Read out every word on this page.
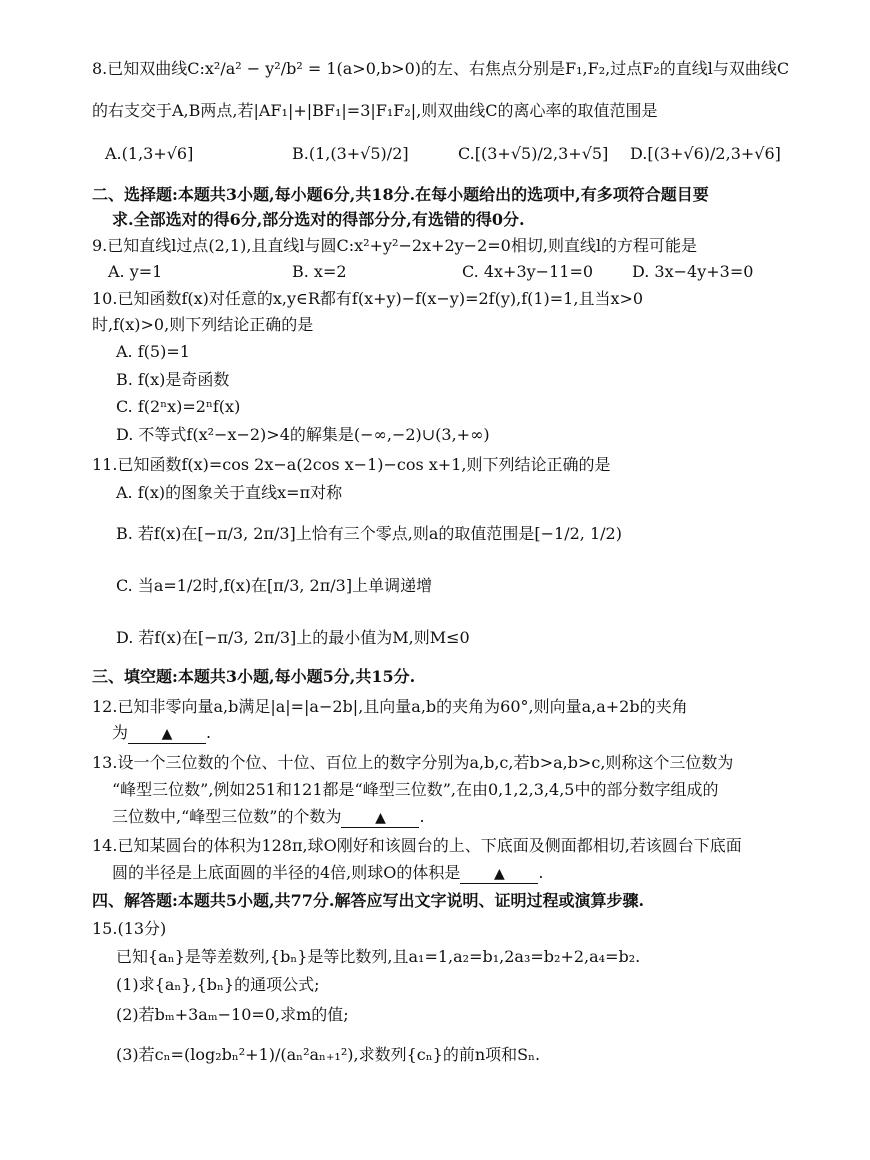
8.已知双曲线C:x²/a² − y²/b² = 1(a>0,b>0)的左、右焦点分别是F₁,F₂,过点F₂的直线l与双曲线C
的右支交于A,B两点,若|AF₁|+|BF₁|=3|F₁F₂|,则双曲线C的离心率的取值范围是
A.(1,3+√6]	B.(1,(3+√5)/2]	C.[(3+√5)/2,3+√5] D.[(3+√6)/2,3+√6]
二、选择题:本题共3小题,每小题6分,共18分.在每小题给出的选项中,有多项符合题目要
求.全部选对的得6分,部分选对的得部分分,有选错的得0分.
9.已知直线l过点(2,1),且直线l与圆C:x²+y²−2x+2y−2=0相切,则直线l的方程可能是
A. y=1	B. x=2	C. 4x+3y−11=0 D. 3x−4y+3=0
10.已知函数f(x)对任意的x,y∈R都有f(x+y)−f(x−y)=2f(y),f(1)=1,且当x>0
时,f(x)>0,则下列结论正确的是
A. f(5)=1
B. f(x)是奇函数
C. f(2ⁿx)=2ⁿf(x)
D. 不等式f(x²−x−2)>4的解集是(−∞,−2)∪(3,+∞)
11.已知函数f(x)=cos 2x−a(2cos x−1)−cos x+1,则下列结论正确的是
A. f(x)的图象关于直线x=π对称
B. 若f(x)在[−π/3, 2π/3]上恰有三个零点,则a的取值范围是[−1/2, 1/2)
C. 当a=1/2时,f(x)在[π/3, 2π/3]上单调递增
D. 若f(x)在[−π/3, 2π/3]上的最小值为M,则M≤0
三、填空题:本题共3小题,每小题5分,共15分.
12.已知非零向量a,b满足|a|=|a−2b|,且向量a,b的夹角为60°,则向量a,a+2b的夹角
为 ▲ .
13.设一个三位数的个位、十位、百位上的数字分别为a,b,c,若b>a,b>c,则称这个三位数为
“峰型三位数”,例如251和121都是“峰型三位数”,在由0,1,2,3,4,5中的部分数字组成的
三位数中,“峰型三位数”的个数为 ▲ .
14.已知某圆台的体积为128π,球O刚好和该圆台的上、下底面及侧面都相切,若该圆台下底面
圆的半径是上底面圆的半径的4倍,则球O的体积是 ▲ .
四、解答题:本题共5小题,共77分.解答应写出文字说明、证明过程或演算步骤.
15.(13分)
已知{aₙ}是等差数列,{bₙ}是等比数列,且a₁=1,a₂=b₁,2a₃=b₂+2,a₄=b₂.
(1)求{aₙ},{bₙ}的通项公式;
(2)若bₘ+3aₘ−10=0,求m的值;
(3)若cₙ=(log₂bₙ²+1)/(aₙ²aₙ₊₁²),求数列{cₙ}的前n项和Sₙ.
